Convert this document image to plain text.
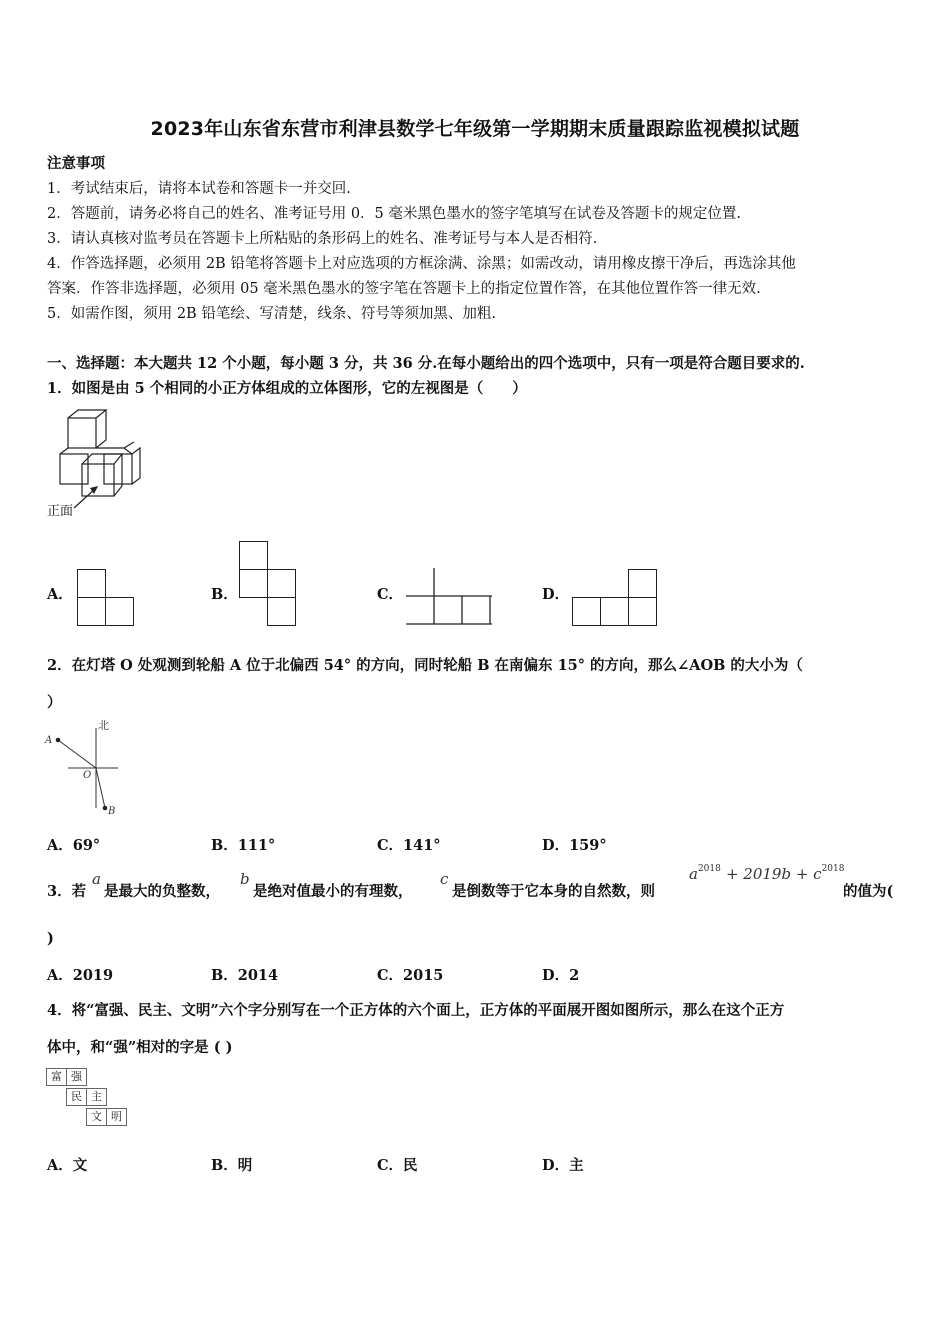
2023年山东省东营市利津县数学七年级第一学期期末质量跟踪监视模拟试题
注意事项
1．考试结束后，请将本试卷和答题卡一并交回.
2．答题前，请务必将自己的姓名、准考证号用 0．5 毫米黑色墨水的签字笔填写在试卷及答题卡的规定位置.
3．请认真核对监考员在答题卡上所粘贴的条形码上的姓名、准考证号与本人是否相符.
4．作答选择题，必须用 2B 铅笔将答题卡上对应选项的方框涂满、涂黑；如需改动，请用橡皮擦干净后，再选涂其他
答案．作答非选择题，必须用 05 毫米黑色墨水的签字笔在答题卡上的指定位置作答，在其他位置作答一律无效.
5．如需作图，须用 2B 铅笔绘、写清楚，线条、符号等须加黑、加粗.
一、选择题：本大题共 12 个小题，每小题 3 分，共 36 分.在每小题给出的四个选项中，只有一项是符合题目要求的.
1．如图是由 5 个相同的小正方体组成的立体图形，它的左视图是（　　）
正面
A．	B．	C．	D．
2．在灯塔 O 处观测到轮船 A 位于北偏西 54° 的方向，同时轮船 B 在南偏东 15° 的方向，那么∠AOB 的大小为（
）
北
A
O
B
A．69°	B．111°	C．141°	D．159°
3．若
a
是最大的负整数，
b
是绝对值最小的有理数，
c
是倒数等于它本身的自然数，则
$a^{2018} + 2019b + c^{2018}$
的值为(
)
A．2019	B．2014	C．2015	D．2
4．将“富强、民主、文明”六个字分别写在一个正方体的六个面上，正方体的平面展开图如图所示，那么在这个正方
体中，和“强”相对的字是 ( )
富 强
民 主
文 明
A．文	B．明	C．民	D．主
